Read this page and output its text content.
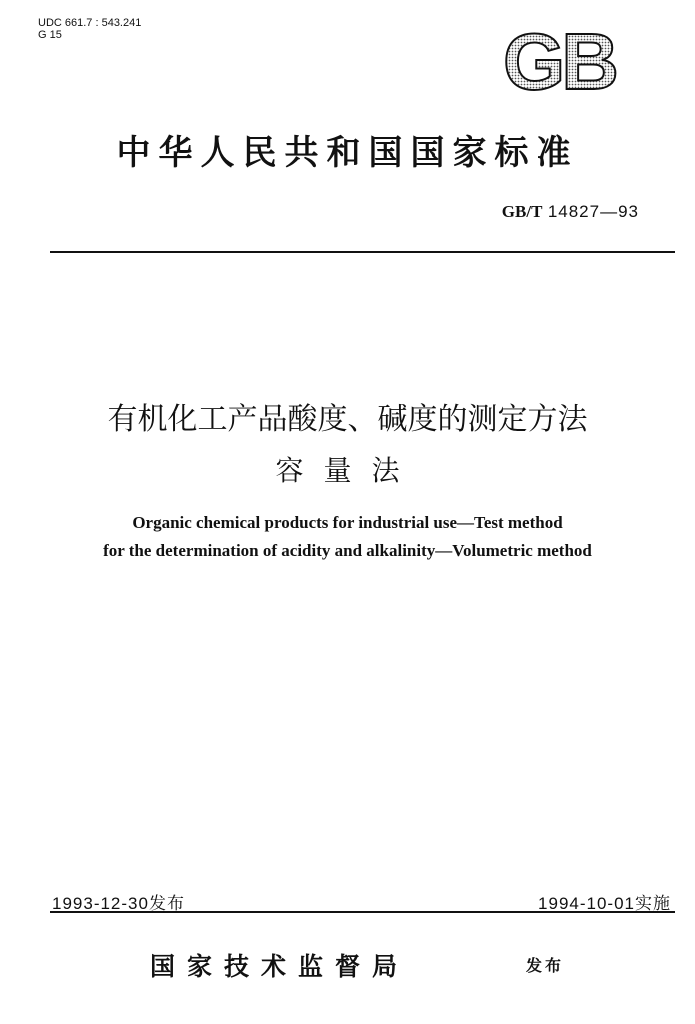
UDC 661.7 : 543.241
G 15	GB
中华人民共和国国家标准
GB/T 14827—93
有机化工产品酸度、碱度的测定方法
容量法
Organic chemical products for industrial use—Test method
for the determination of acidity and alkalinity—Volumetric method
1993-12-30发布	1994-10-01实施
国家技术监督局	发布
